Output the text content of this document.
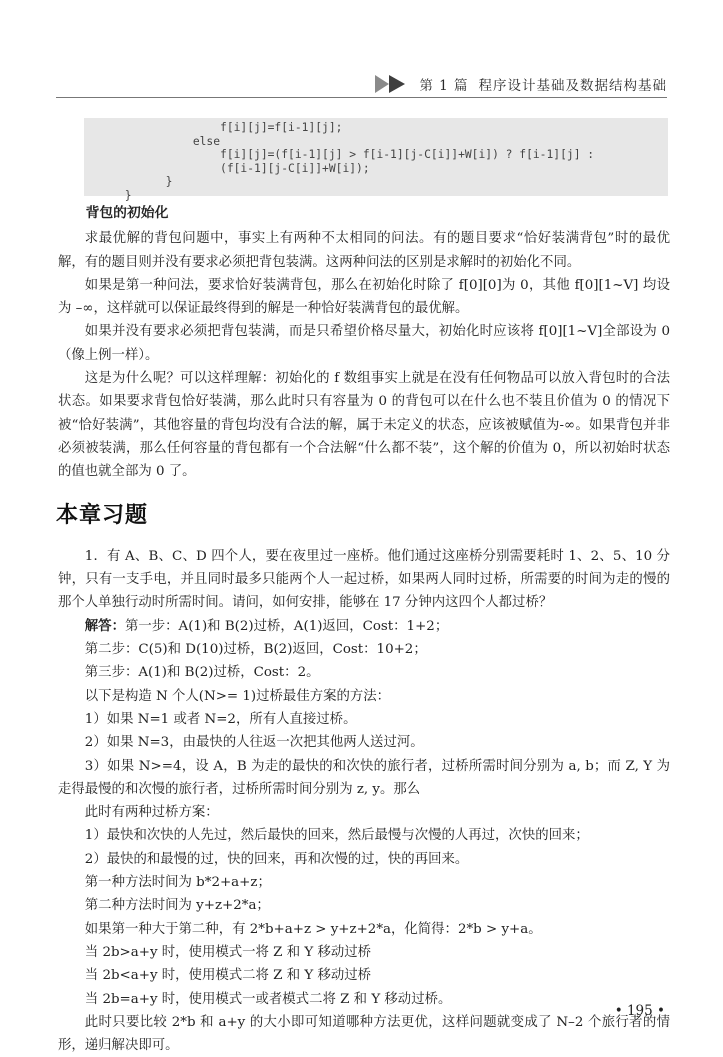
第 1 篇 程序设计基础及数据结构基础
f[i][j]=f[i-1][j];
else
f[i][j]=(f[i-1][j] > f[i-1][j-C[i]]+W[i]) ? f[i-1][j] :
(f[i-1][j-C[i]]+W[i]);
}
}
背包的初始化

求最优解的背包问题中，事实上有两种不太相同的问法。有的题目要求“恰好装满背包”时的最优解，有的题目则并没有要求必须把背包装满。这两种问法的区别是求解时的初始化不同。

如果是第一种问法，要求恰好装满背包，那么在初始化时除了 f[0][0]为 0，其他 f[0][1~V] 均设为 –∞，这样就可以保证最终得到的解是一种恰好装满背包的最优解。

如果并没有要求必须把背包装满，而是只希望价格尽量大，初始化时应该将 f[0][1~V]全部设为 0（像上例一样）。

这是为什么呢？可以这样理解：初始化的 f 数组事实上就是在没有任何物品可以放入背包时的合法状态。如果要求背包恰好装满，那么此时只有容量为 0 的背包可以在什么也不装且价值为 0 的情况下被“恰好装满”，其他容量的背包均没有合法的解，属于未定义的状态，应该被赋值为-∞。如果背包并非必须被装满，那么任何容量的背包都有一个合法解“什么都不装”，这个解的价值为 0，所以初始时状态的值也就全部为 0 了。

本章习题

1．有 A、B、C、D 四个人，要在夜里过一座桥。他们通过这座桥分别需要耗时 1、2、5、10 分钟，只有一支手电，并且同时最多只能两个人一起过桥，如果两人同时过桥，所需要的时间为走的慢的那个人单独行动时所需时间。请问，如何安排，能够在 17 分钟内这四个人都过桥？

解答：第一步：A(1)和 B(2)过桥，A(1)返回，Cost：1+2；

第二步：C(5)和 D(10)过桥，B(2)返回，Cost：10+2；

第三步：A(1)和 B(2)过桥，Cost：2。

以下是构造 N 个人(N>= 1)过桥最佳方案的方法：

1）如果 N=1 或者 N=2，所有人直接过桥。

2）如果 N=3，由最快的人往返一次把其他两人送过河。

3）如果 N>=4，设 A，B 为走的最快的和次快的旅行者，过桥所需时间分别为 a, b；而 Z, Y 为走得最慢的和次慢的旅行者，过桥所需时间分别为 z, y。那么

此时有两种过桥方案：

1）最快和次快的人先过，然后最快的回来，然后最慢与次慢的人再过，次快的回来；

2）最快的和最慢的过，快的回来，再和次慢的过，快的再回来。

第一种方法时间为 b*2+a+z；

第二种方法时间为 y+z+2*a；

如果第一种大于第二种，有 2*b+a+z > y+z+2*a，化简得：2*b > y+a。

当 2b>a+y 时，使用模式一将 Z 和 Y 移动过桥

当 2b<a+y 时，使用模式二将 Z 和 Y 移动过桥

当 2b=a+y 时，使用模式一或者模式二将 Z 和 Y 移动过桥。

此时只要比较 2*b 和 a+y 的大小即可知道哪种方法更优，这样问题就变成了 N–2 个旅行者的情形，递归解决即可。

• 195 •
